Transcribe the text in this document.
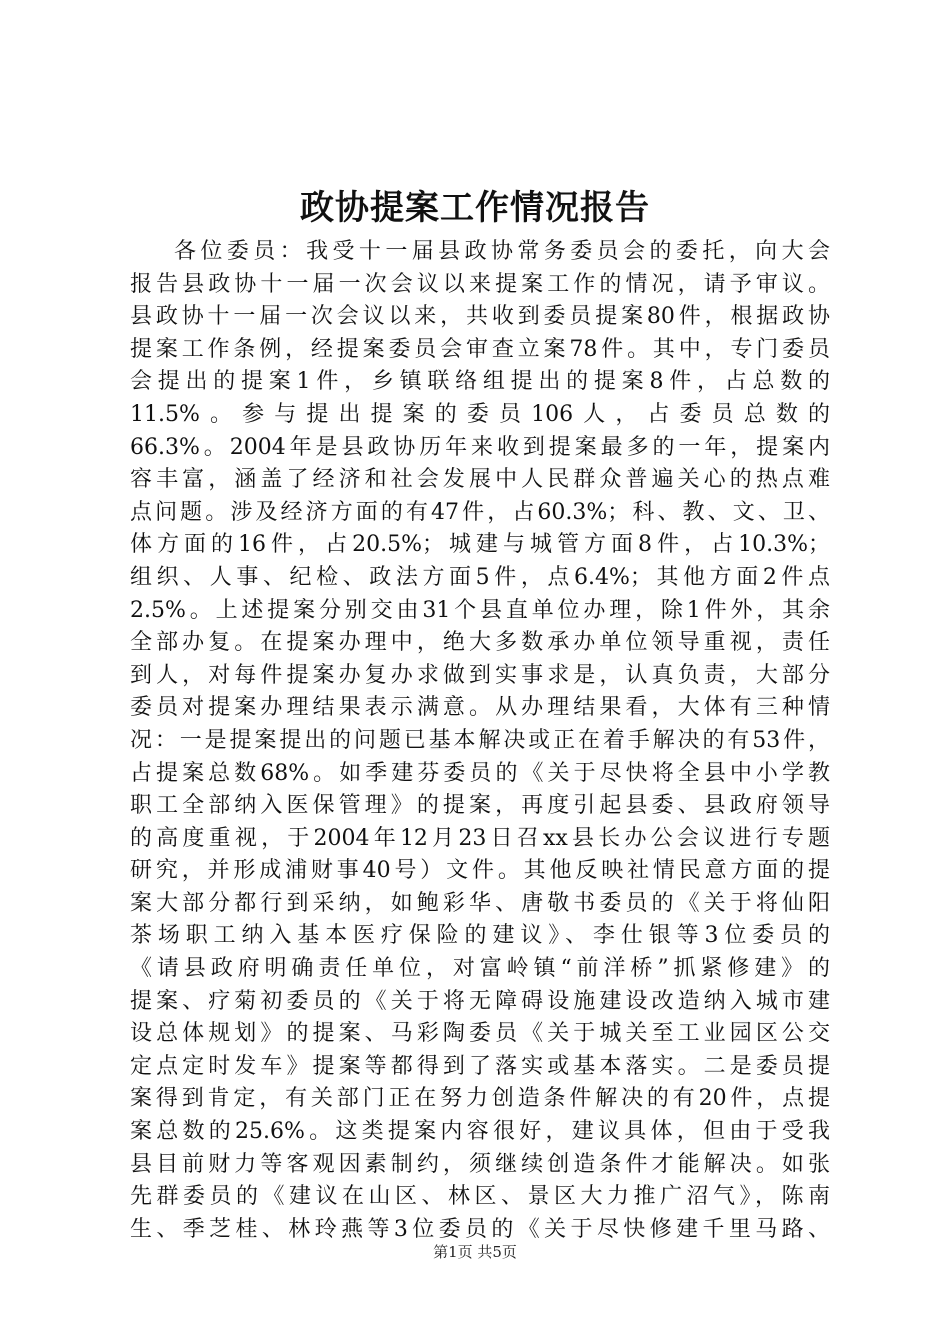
政协提案工作情况报告
各位委员：我受十一届县政协常务委员会的委托，向大会
报告县政协十一届一次会议以来提案工作的情况，请予审议。
县政协十一届一次会议以来，共收到委员提案80件，根据政协
提案工作条例，经提案委员会审查立案78件。其中，专门委员
会提出的提案1件，乡镇联络组提出的提案8件，占总数的
11.5%。参与提出提案的委员106人，占委员总数的
66.3%。2004年是县政协历年来收到提案最多的一年，提案内
容丰富，涵盖了经济和社会发展中人民群众普遍关心的热点难
点问题。涉及经济方面的有47件，占60.3%；科、教、文、卫、
体方面的16件，占20.5%；城建与城管方面8件，占10.3%；
组织、人事、纪检、政法方面5件，点6.4%；其他方面2件点
2.5%。上述提案分别交由31个县直单位办理，除1件外，其余
全部办复。在提案办理中，绝大多数承办单位领导重视，责任
到人，对每件提案办复办求做到实事求是，认真负责，大部分
委员对提案办理结果表示满意。从办理结果看，大体有三种情
况：一是提案提出的问题已基本解决或正在着手解决的有53件，
占提案总数68%。如季建芬委员的《关于尽快将全县中小学教
职工全部纳入医保管理》的提案，再度引起县委、县政府领导
的高度重视，于2004年12月23日召xx县长办公会议进行专题
研究，并形成浦财事40号）文件。其他反映社情民意方面的提
案大部分都行到采纳，如鲍彩华、唐敬书委员的《关于将仙阳
茶场职工纳入基本医疗保险的建议》、李仕银等3位委员的
《请县政府明确责任单位，对富岭镇“前洋桥”抓紧修建》的
提案、疗菊初委员的《关于将无障碍设施建设改造纳入城市建
设总体规划》的提案、马彩陶委员《关于城关至工业园区公交
定点定时发车》提案等都得到了落实或基本落实。二是委员提
案得到肯定，有关部门正在努力创造条件解决的有20件，点提
案总数的25.6%。这类提案内容很好，建议具体，但由于受我
县目前财力等客观因素制约，须继续创造条件才能解决。如张
先群委员的《建议在山区、林区、景区大力推广沼气》，陈南
生、季芝桂、林玲燕等3位委员的《关于尽快修建千里马路、
第1页 共5页
